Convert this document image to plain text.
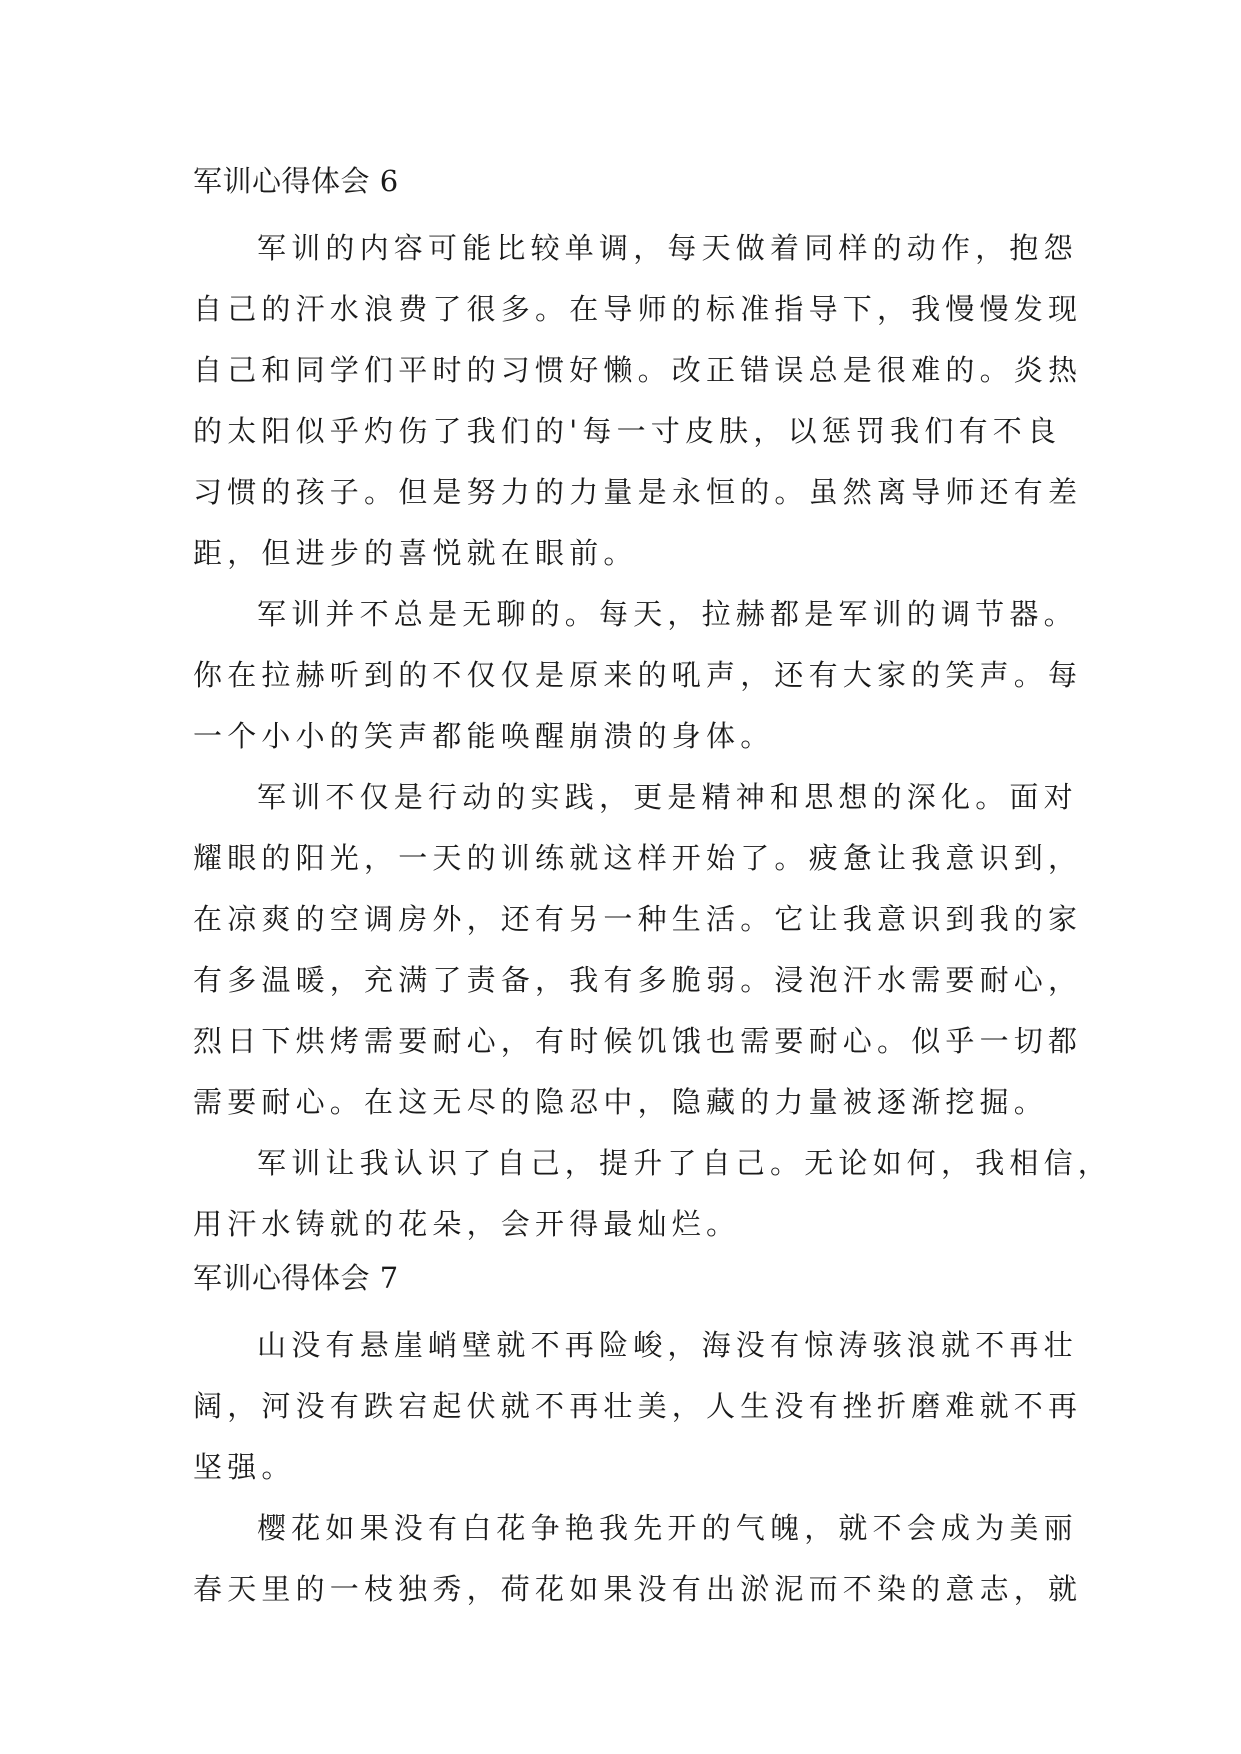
军训心得体会 6
军训的内容可能比较单调，每天做着同样的动作，抱怨
自己的汗水浪费了很多。在导师的标准指导下，我慢慢发现
自己和同学们平时的习惯好懒。改正错误总是很难的。炎热
的太阳似乎灼伤了我们的'每一寸皮肤，以惩罚我们有不良
习惯的孩子。但是努力的力量是永恒的。虽然离导师还有差
距，但进步的喜悦就在眼前。
军训并不总是无聊的。每天，拉赫都是军训的调节器。
你在拉赫听到的不仅仅是原来的吼声，还有大家的笑声。每
一个小小的笑声都能唤醒崩溃的身体。
军训不仅是行动的实践，更是精神和思想的深化。面对
耀眼的阳光，一天的训练就这样开始了。疲惫让我意识到，
在凉爽的空调房外，还有另一种生活。它让我意识到我的家
有多温暖，充满了责备，我有多脆弱。浸泡汗水需要耐心，
烈日下烘烤需要耐心，有时候饥饿也需要耐心。似乎一切都
需要耐心。在这无尽的隐忍中，隐藏的力量被逐渐挖掘。
军训让我认识了自己，提升了自己。无论如何，我相信，
用汗水铸就的花朵，会开得最灿烂。
军训心得体会 7
山没有悬崖峭壁就不再险峻，海没有惊涛骇浪就不再壮
阔，河没有跌宕起伏就不再壮美，人生没有挫折磨难就不再
坚强。
樱花如果没有白花争艳我先开的气魄，就不会成为美丽
春天里的一枝独秀，荷花如果没有出淤泥而不染的意志，就
